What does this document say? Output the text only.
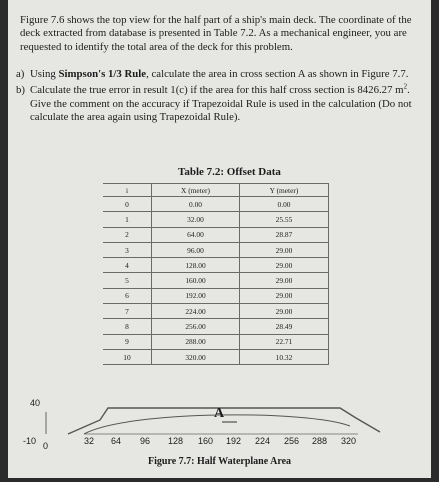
Figure 7.6 shows the top view for the half part of a ship's main deck. The coordinate of the deck extracted from database is presented in Table 7.2. As a mechanical engineer, you are requested to identify the total area of the deck for this problem.

a) Using Simpson's 1/3 Rule, calculate the area in cross section A as shown in Figure 7.7.
b) Calculate the true error in result 1(c) if the area for this half cross section is 8426.27 $m^2$. Give the comment on the accuracy if Trapezoidal Rule is used in the calculation (Do not calculate the area again using Trapezoidal Rule).
Table 7.2: Offset Data
i	X (meter)	Y (meter)
0	0.00	0.00
1	32.00	25.55
2	64.00	28.87
3	96.00	29.00
4	128.00	29.00
5	160.00	29.00
6	192.00	29.00
7	224.00	29.00
8	256.00	28.49
9	288.00	22.71
10	320.00	10.32
40
-10 0
A
32 64 96 128 160 192 224 256 288 320
Figure 7.7: Half Waterplane Area
